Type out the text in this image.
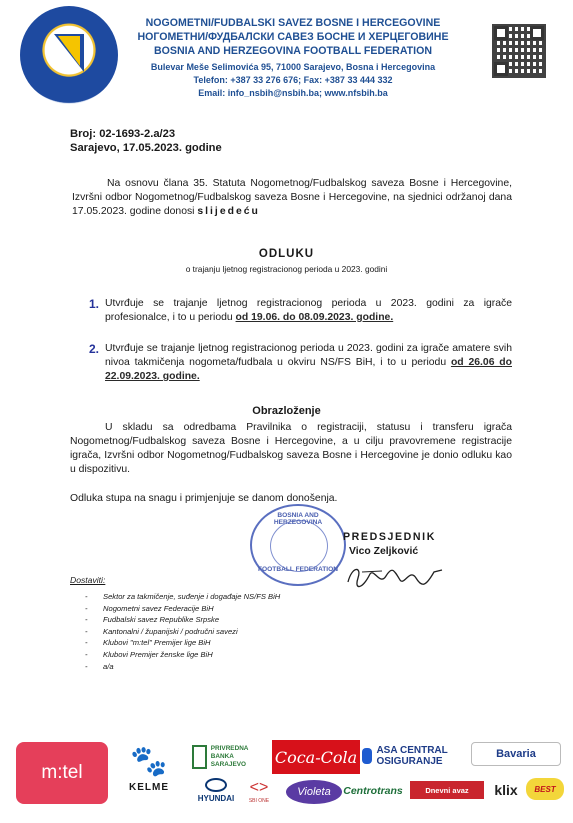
NOGOMETNI/FUDBALSKI SAVEZ BOSNE I HERCEGOVINE
НОГОМЕТНИ/ФУДБАЛСКИ САВЕЗ БОСНЕ И ХЕРЦЕГОВИНЕ
BOSNIA AND HERZEGOVINA FOOTBALL FEDERATION
Bulevar Meše Selimovića 95, 71000 Sarajevo, Bosna i Hercegovina
Telefon: +387 33 276 676; Fax: +387 33 444 332
Email: info_nsbih@nsbih.ba; www.nfsbih.ba
Broj: 02-1693-2.a/23
Sarajevo, 17.05.2023. godine
Na osnovu člana 35. Statuta Nogometnog/Fudbalskog saveza Bosne i Hercegovine, Izvršni odbor Nogometnog/Fudbalskog saveza Bosne i Hercegovine, na sjednici održanoj dana 17.05.2023. godine donosi slijedeću
ODLUKU
o trajanju ljetnog registracionog perioda u 2023. godini
1. Utvrđuje se trajanje ljetnog registracionog perioda u 2023. godini za igrače profesionalce, i to u periodu od 19.06. do 08.09.2023. godine.
2. Utvrđuje se trajanje ljetnog registracionog perioda u 2023. godini za igrače amatere svih nivoa takmičenja nogometa/fudbala u okviru NS/FS BiH, i to u periodu od 26.06 do 22.09.2023. godine.
Obrazloženje
U skladu sa odredbama Pravilnika o registraciji, statusu i transferu igrača Nogometnog/Fudbalskog saveza Bosne i Hercegovine, a u cilju pravovremene registracije igrača, Izvršni odbor Nogometnog/Fudbalskog saveza Bosne i Hercegovine je donio odluku kao u dispozitivu.
Odluka stupa na snagu i primjenjuje se danom donošenja.
BOSNIA AND HERZEGOVINA
FOOTBALL FEDERATION
PREDSJEDNIK
Vico Zeljković
Dostaviti:
- Sektor za takmičenje, suđenje i događaje NS/FS BiH
- Nogometni savez Federacije BiH
- Fudbalski savez Republike Srpske
- Kantonalni / županijski / područni savezi
- Klubovi "m:tel" Premijer lige BiH
- Klubovi Premijer ženske lige BiH
- a/a
m:tel	🐾
KELME
PRIVREDNA BANKA SARAJEVO	Coca-Cola ASA CENTRAL OSIGURANJE
Bavaria
HYUNDAI
<>
SBI ONE
Violeta	Centrotrans	Dnevni avaz	klix	BEST
